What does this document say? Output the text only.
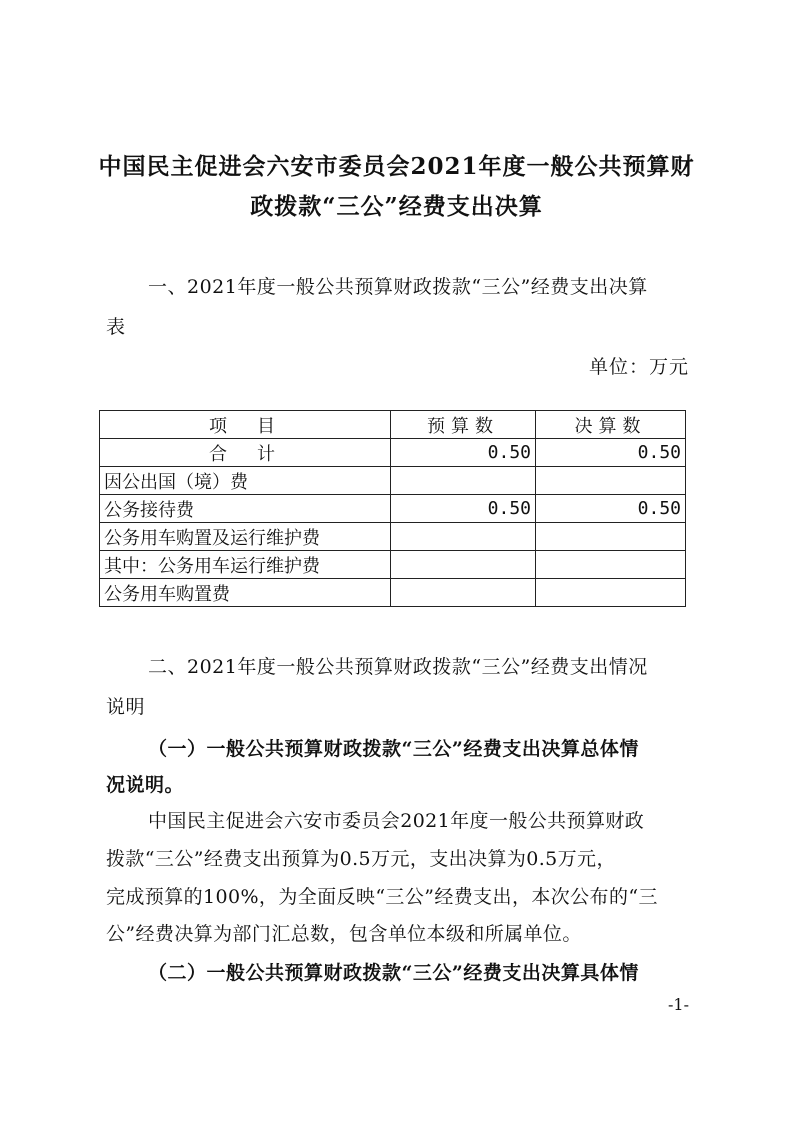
中国民主促进会六安市委员会2021年度一般公共预算财
政拨款“三公”经费支出决算
一、2021年度一般公共预算财政拨款“三公”经费支出决算
表
单位：万元
项　目	预算数	决算数
合　计	0.50	0.50
因公出国（境）费		
公务接待费	0.50	0.50
公务用车购置及运行维护费		
其中：公务用车运行维护费		
公务用车购置费		
二、2021年度一般公共预算财政拨款“三公”经费支出情况
说明
（一）一般公共预算财政拨款“三公”经费支出决算总体情
况说明。
中国民主促进会六安市委员会2021年度一般公共预算财政
拨款“三公”经费支出预算为0.5万元，支出决算为0.5万元，
完成预算的100%，为全面反映“三公”经费支出，本次公布的“三
公”经费决算为部门汇总数，包含单位本级和所属单位。
（二）一般公共预算财政拨款“三公”经费支出决算具体情
-1-
